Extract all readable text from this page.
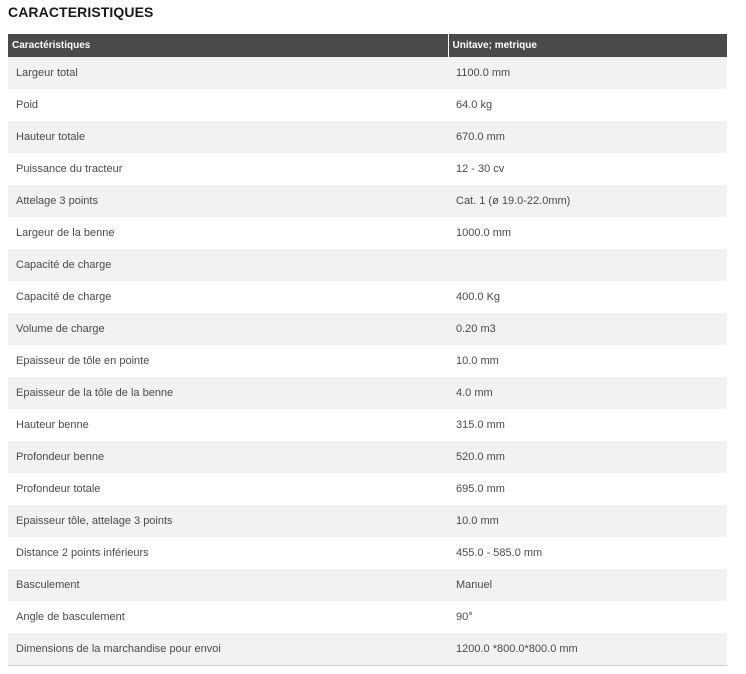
CARACTERISTIQUES
Caractéristiques	Unitave; metrique
Largeur total	1100.0 mm
Poid	64.0 kg
Hauteur totale	670.0 mm
Puissance du tracteur	12 - 30 cv
Attelage 3 points	Cat. 1 (ø 19.0-22.0mm)
Largeur de la benne	1000.0 mm
Capacité de charge	
Capacité de charge	400.0 Kg
Volume de charge	0.20 m3
Epaisseur de tôle en pointe	10.0 mm
Epaisseur de la tôle de la benne	4.0 mm
Hauteur benne	315.0 mm
Profondeur benne	520.0 mm
Profondeur totale	695.0 mm
Epaisseur tôle, attelage 3 points	10.0 mm
Distance 2 points inférieurs	455.0 - 585.0 mm
Basculement	Manuel
Angle de basculement	90°
Dimensions de la marchandise pour envoi	1200.0 *800.0*800.0 mm
